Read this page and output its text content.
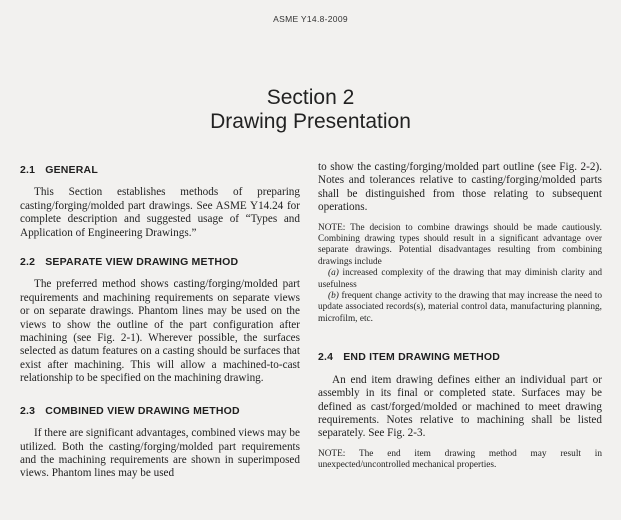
ASME Y14.8-2009
Section 2
Drawing Presentation
2.1 GENERAL

This Section establishes methods of preparing casting/forging/molded part drawings. See ASME Y14.24 for complete description and suggested usage of “Types and Application of Engineering Drawings.”

2.2 SEPARATE VIEW DRAWING METHOD

The preferred method shows casting/forging/molded part requirements and machining requirements on separate views or on separate drawings. Phantom lines may be used on the views to show the outline of the part configuration after machining (see Fig. 2-1). Wherever possible, the surfaces selected as datum features on a casting should be surfaces that exist after machining. This will allow a machined-to-cast relationship to be specified on the machining drawing.

2.3 COMBINED VIEW DRAWING METHOD

If there are significant advantages, combined views may be utilized. Both the casting/forging/molded part requirements and the machining requirements are shown in superimposed views. Phantom lines may be used

to show the casting/forging/molded part outline (see Fig. 2-2). Notes and tolerances relative to casting/forging/molded parts shall be distinguished from those relating to subsequent operations.

NOTE: The decision to combine drawings should be made cautiously. Combining drawing types should result in a significant advantage over separate drawings. Potential disadvantages resulting from combining drawings include

(a) increased complexity of the drawing that may diminish clarity and usefulness

(b) frequent change activity to the drawing that may increase the need to update associated records(s), material control data, manufacturing planning, microfilm, etc.

2.4 END ITEM DRAWING METHOD

An end item drawing defines either an individual part or assembly in its final or completed state. Surfaces may be defined as cast/forged/molded or machined to meet drawing requirements. Notes relative to machining shall be listed separately. See Fig. 2-3.

NOTE: The end item drawing method may result in unexpected/uncontrolled mechanical properties.
